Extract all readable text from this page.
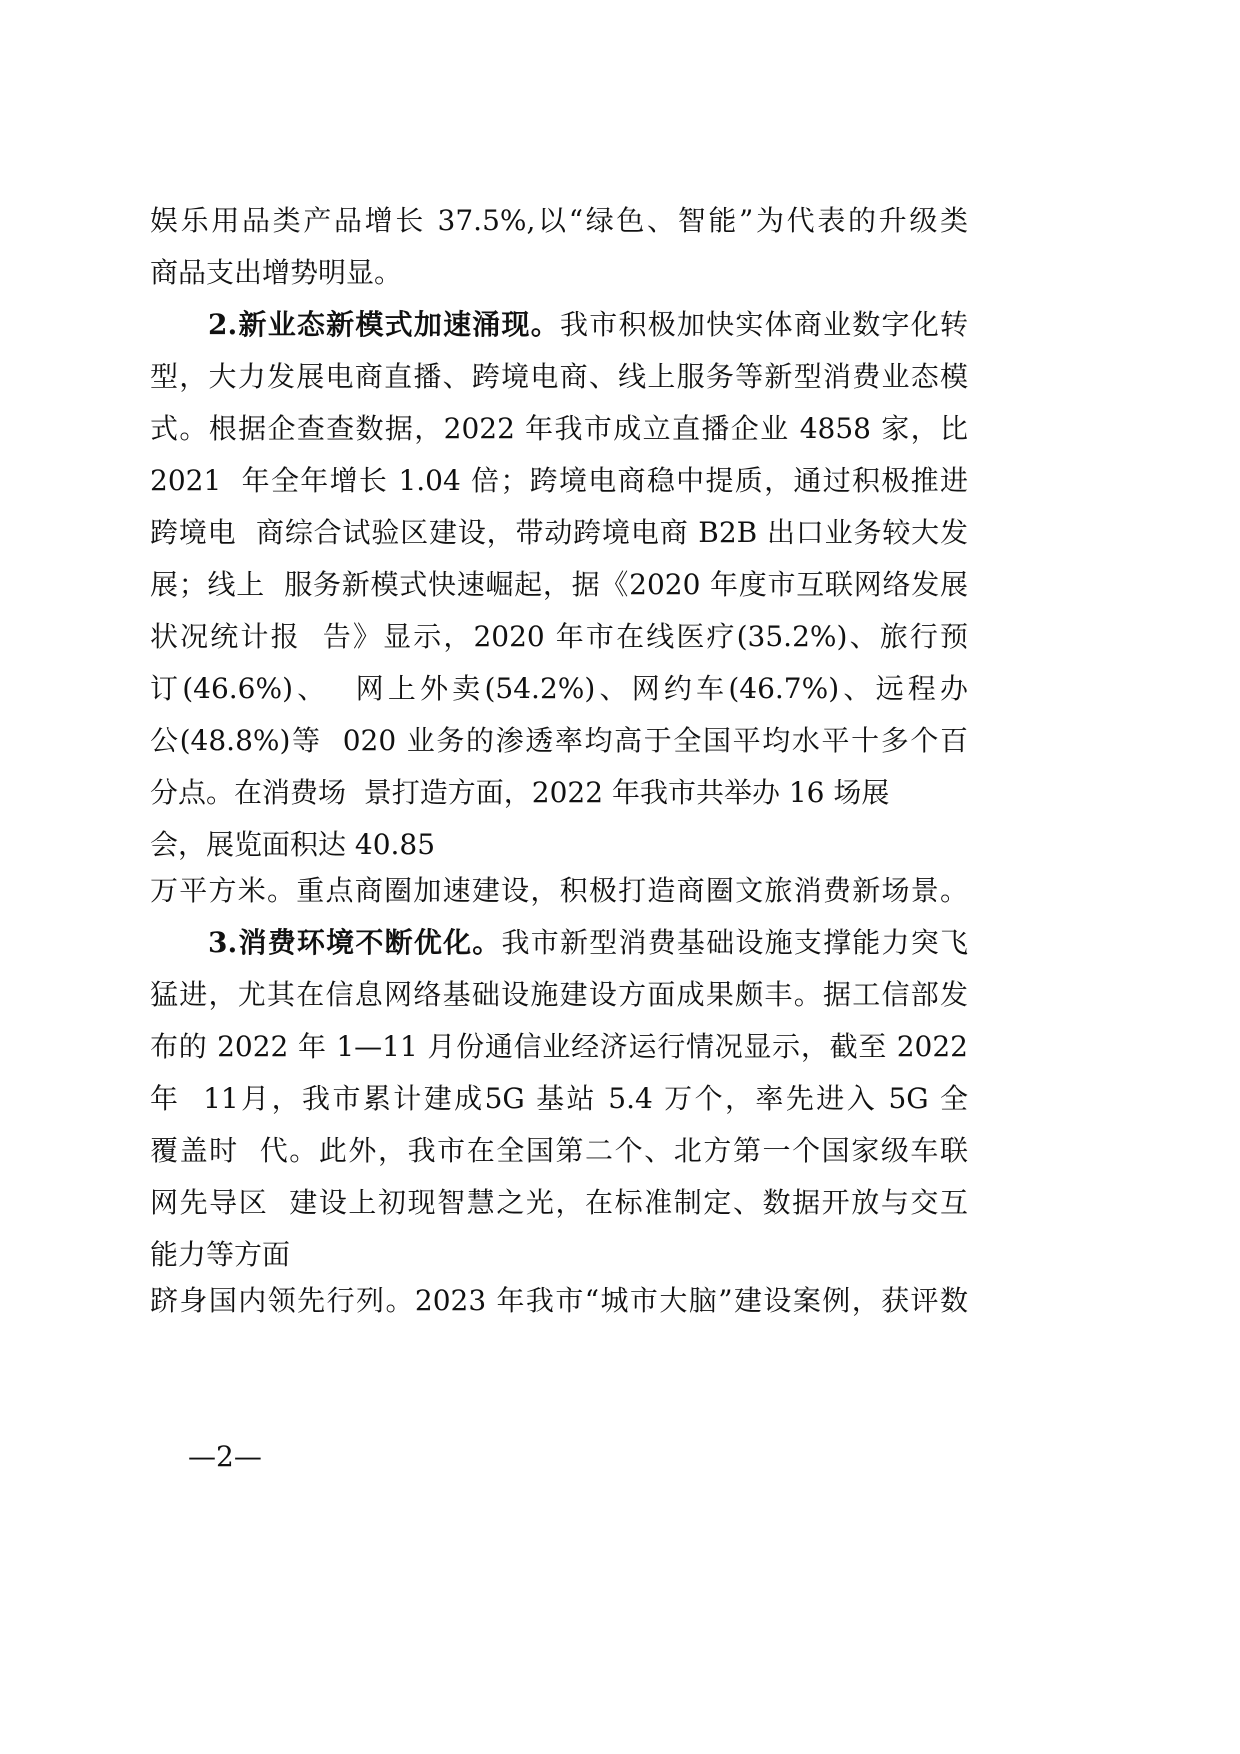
娱乐用品类产品增长 37.5%,以“绿色、智能”为代表的升级类
商品支出增势明显。
2.新业态新模式加速涌现。我市积极加快实体商业数字化转
型，大力发展电商直播、跨境电商、线上服务等新型消费业态模
式。根据企查查数据，2022 年我市成立直播企业 4858 家，比
2021  年全年增长 1.04 倍；跨境电商稳中提质，通过积极推进
跨境电  商综合试验区建设，带动跨境电商 B2B 出口业务较大发
展；线上  服务新模式快速崛起，据《2020 年度市互联网络发展
状况统计报  告》显示，2020 年市在线医疗(35.2%)、旅行预
订(46.6%)、  网上外卖(54.2%)、网约车(46.7%)、远程办
公(48.8%)等  020 业务的渗透率均高于全国平均水平十多个百
分点。在消费场  景打造方面，2022 年我市共举办 16 场展
会，展览面积达 40.85
万平方米。重点商圈加速建设，积极打造商圈文旅消费新场景。
3.消费环境不断优化。我市新型消费基础设施支撑能力突飞
猛进，尤其在信息网络基础设施建设方面成果颇丰。据工信部发
布的 2022 年 1—11 月份通信业经济运行情况显示，截至 2022
年  11月，我市累计建成5G 基站 5.4 万个，率先进入 5G 全
覆盖时  代。此外，我市在全国第二个、北方第一个国家级车联
网先导区  建设上初现智慧之光，在标准制定、数据开放与交互
能力等方面
跻身国内领先行列。2023 年我市“城市大脑”建设案例，获评数
—2—
